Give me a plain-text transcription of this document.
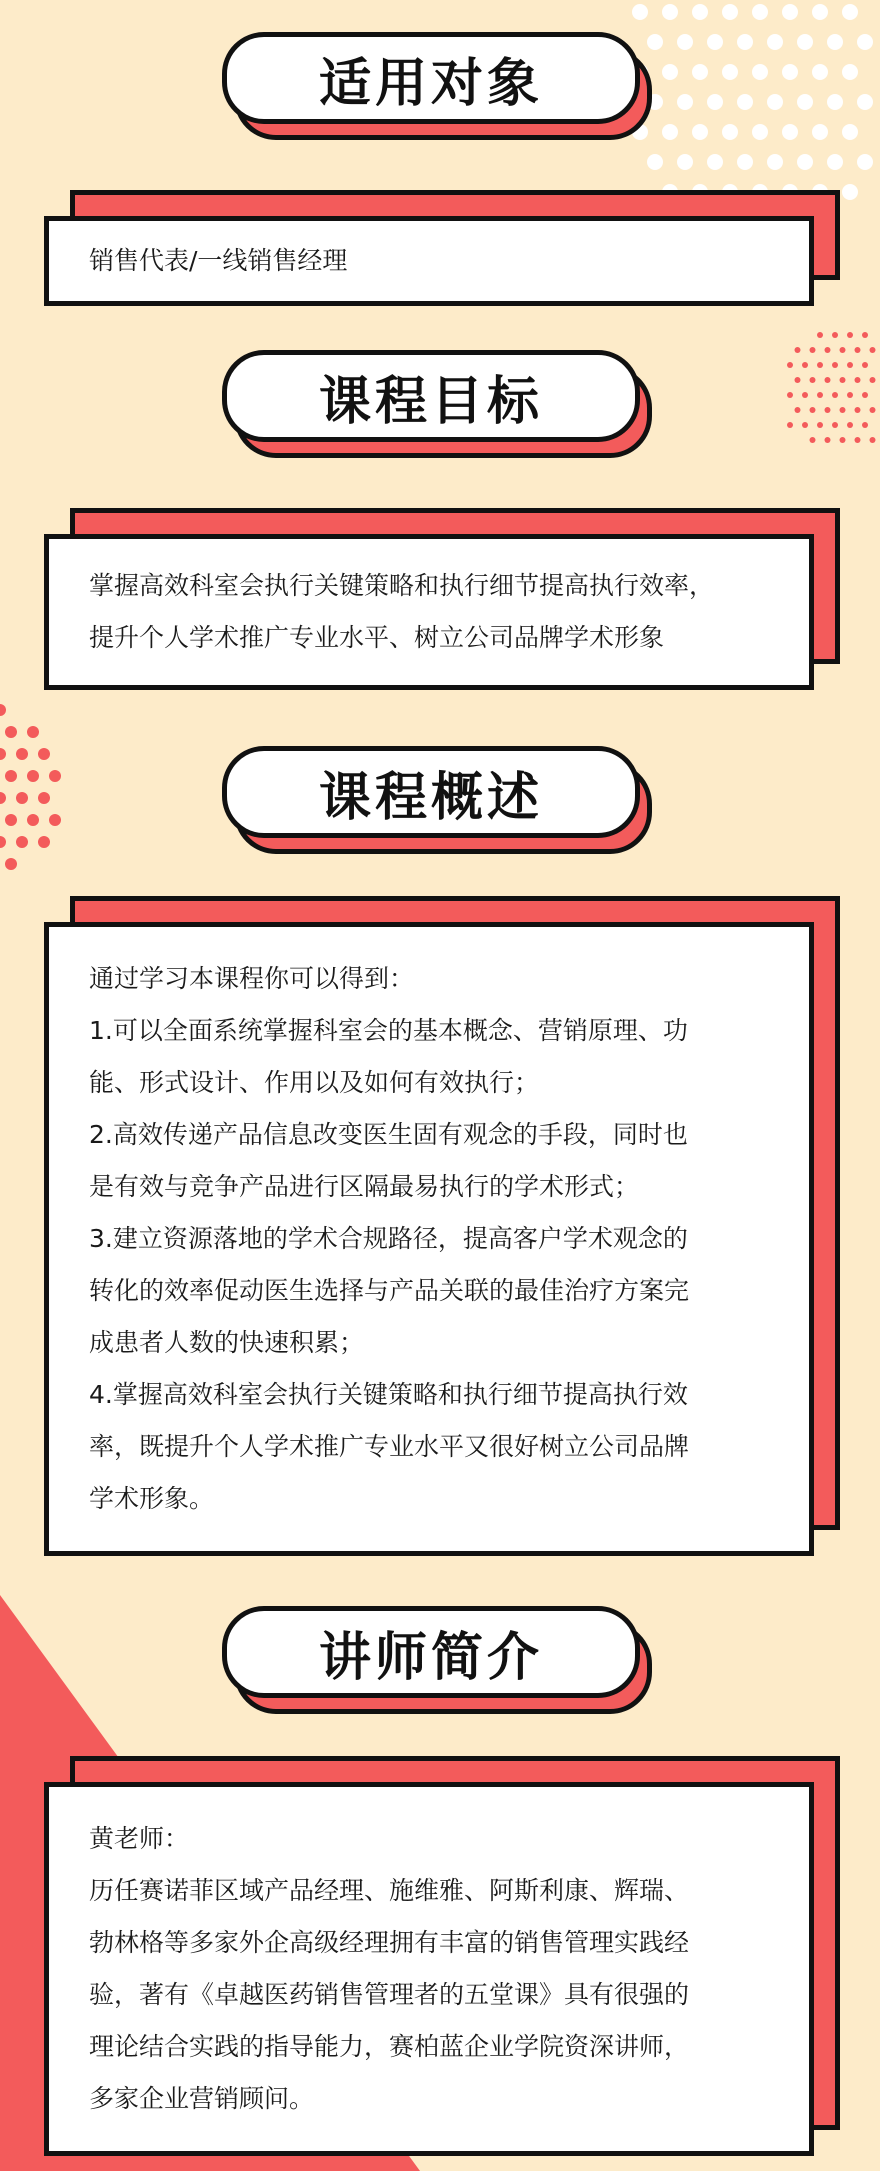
适用对象

销售代表/一线销售经理

课程目标

掌握高效科室会执行关键策略和执行细节提高执行效率，

提升个人学术推广专业水平、树立公司品牌学术形象

课程概述

通过学习本课程你可以得到：

1.可以全面系统掌握科室会的基本概念、营销原理、功

能、形式设计、作用以及如何有效执行；

2.高效传递产品信息改变医生固有观念的手段，同时也

是有效与竞争产品进行区隔最易执行的学术形式；

3.建立资源落地的学术合规路径，提高客户学术观念的

转化的效率促动医生选择与产品关联的最佳治疗方案完

成患者人数的快速积累；

4.掌握高效科室会执行关键策略和执行细节提高执行效

率，既提升个人学术推广专业水平又很好树立公司品牌

学术形象。

讲师简介

黄老师：

历任赛诺菲区域产品经理、施维雅、阿斯利康、辉瑞、

勃林格等多家外企高级经理拥有丰富的销售管理实践经

验，著有《卓越医药销售管理者的五堂课》具有很强的

理论结合实践的指导能力，赛柏蓝企业学院资深讲师，

多家企业营销顾问。
